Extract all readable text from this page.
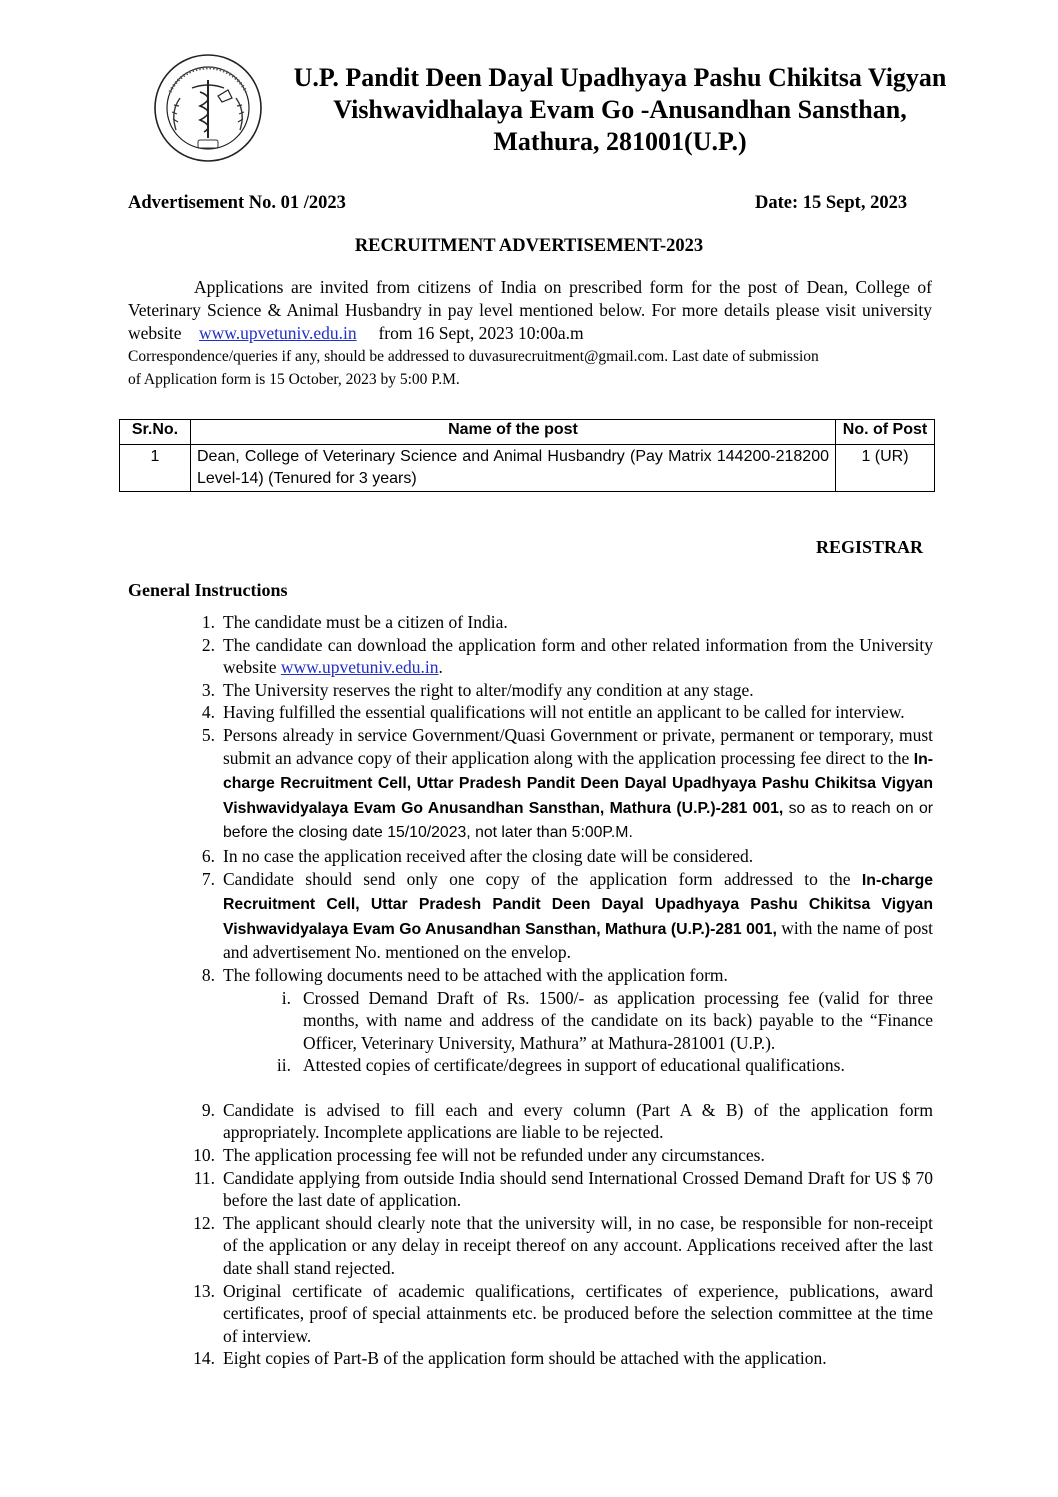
U.P. Pandit Deen Dayal Upadhyaya Pashu Chikitsa Vigyan
Vishwavidhalaya Evam Go -Anusandhan Sansthan,
Mathura, 281001(U.P.)
Advertisement No. 01 /2023	Date: 15 Sept, 2023
RECRUITMENT ADVERTISEMENT-2023
Applications are invited from citizens of India on prescribed form for the post of Dean, College of Veterinary Science & Animal Husbandry in pay level mentioned below. For more details please visit university website www.upvetuniv.edu.in from 16 Sept, 2023 10:00a.m
Correspondence/queries if any, should be addressed to duvasurecruitment@gmail.com. Last date of submission
of Application form is 15 October, 2023 by 5:00 P.M.
Sr.No.	Name of the post	No. of Post
1	Dean, College of Veterinary Science and Animal Husbandry (Pay Matrix 144200-218200 Level-14) (Tenured for 3 years)	1 (UR)
REGISTRAR
General Instructions
1. The candidate must be a citizen of India.
2. The candidate can download the application form and other related information from the University website www.upvetuniv.edu.in.
3. The University reserves the right to alter/modify any condition at any stage.
4. Having fulfilled the essential qualifications will not entitle an applicant to be called for interview.
5. Persons already in service Government/Quasi Government or private, permanent or temporary, must submit an advance copy of their application along with the application processing fee direct to the In-charge Recruitment Cell, Uttar Pradesh Pandit Deen Dayal Upadhyaya Pashu Chikitsa Vigyan Vishwavidyalaya Evam Go Anusandhan Sansthan, Mathura (U.P.)-281 001, so as to reach on or before the closing date 15/10/2023, not later than 5:00P.M.
6. In no case the application received after the closing date will be considered.
7. Candidate should send only one copy of the application form addressed to the In-charge Recruitment Cell, Uttar Pradesh Pandit Deen Dayal Upadhyaya Pashu Chikitsa Vigyan Vishwavidyalaya Evam Go Anusandhan Sansthan, Mathura (U.P.)-281 001, with the name of post and advertisement No. mentioned on the envelop.
8. The following documents need to be attached with the application form.
i. Crossed Demand Draft of Rs. 1500/- as application processing fee (valid for three months, with name and address of the candidate on its back) payable to the “Finance Officer, Veterinary University, Mathura” at Mathura-281001 (U.P.).
ii. Attested copies of certificate/degrees in support of educational qualifications.
9. Candidate is advised to fill each and every column (Part A & B) of the application form appropriately. Incomplete applications are liable to be rejected.
10. The application processing fee will not be refunded under any circumstances.
11. Candidate applying from outside India should send International Crossed Demand Draft for US $ 70 before the last date of application.
12. The applicant should clearly note that the university will, in no case, be responsible for non-receipt of the application or any delay in receipt thereof on any account. Applications received after the last date shall stand rejected.
13. Original certificate of academic qualifications, certificates of experience, publications, award certificates, proof of special attainments etc. be produced before the selection committee at the time of interview.
14. Eight copies of Part-B of the application form should be attached with the application.
